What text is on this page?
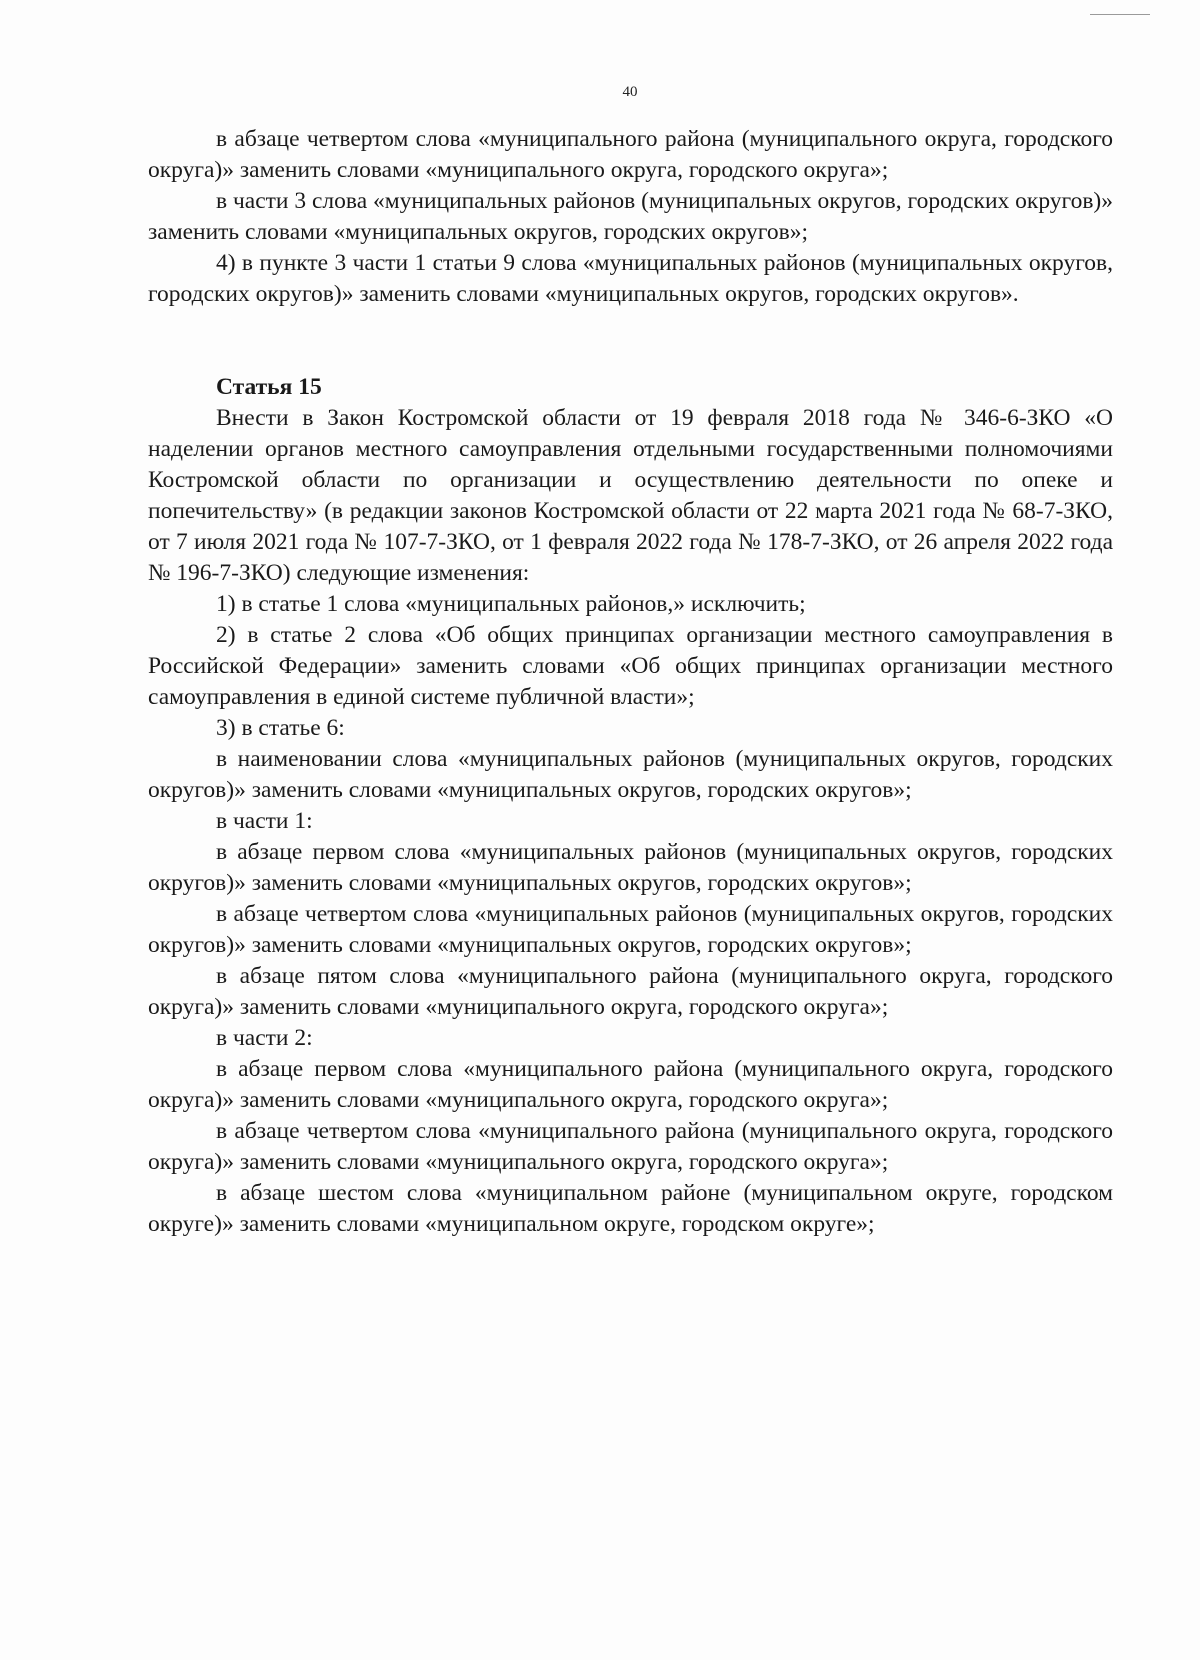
40

в абзаце четвертом слова «муниципального района (муниципального округа, городского округа)» заменить словами «муниципального округа, городского округа»;

в части 3 слова «муниципальных районов (муниципальных округов, городских округов)» заменить словами «муниципальных округов, городских округов»;

4) в пункте 3 части 1 статьи 9 слова «муниципальных районов (муниципальных округов, городских округов)» заменить словами «муниципальных округов, городских округов».

Статья 15

Внести в Закон Костромской области от 19 февраля 2018 года № 346-6-ЗКО «О наделении органов местного самоуправления отдельными государственными полномочиями Костромской области по организации и осуществлению деятельности по опеке и попечительству» (в редакции законов Костромской области от 22 марта 2021 года № 68-7-ЗКО, от 7 июля 2021 года № 107-7-ЗКО, от 1 февраля 2022 года № 178-7-ЗКО, от 26 апреля 2022 года № 196-7-ЗКО) следующие изменения:

1) в статье 1 слова «муниципальных районов,» исключить;

2) в статье 2 слова «Об общих принципах организации местного самоуправления в Российской Федерации» заменить словами «Об общих принципах организации местного самоуправления в единой системе публичной власти»;

3) в статье 6:

в наименовании слова «муниципальных районов (муниципальных округов, городских округов)» заменить словами «муниципальных округов, городских округов»;

в части 1:

в абзаце первом слова «муниципальных районов (муниципальных округов, городских округов)» заменить словами «муниципальных округов, городских округов»;

в абзаце четвертом слова «муниципальных районов (муниципальных округов, городских округов)» заменить словами «муниципальных округов, городских округов»;

в абзаце пятом слова «муниципального района (муниципального округа, городского округа)» заменить словами «муниципального округа, городского округа»;

в части 2:

в абзаце первом слова «муниципального района (муниципального округа, городского округа)» заменить словами «муниципального округа, городского округа»;

в абзаце четвертом слова «муниципального района (муниципального округа, городского округа)» заменить словами «муниципального округа, городского округа»;

в абзаце шестом слова «муниципальном районе (муниципальном округе, городском округе)» заменить словами «муниципальном округе, городском округе»;
